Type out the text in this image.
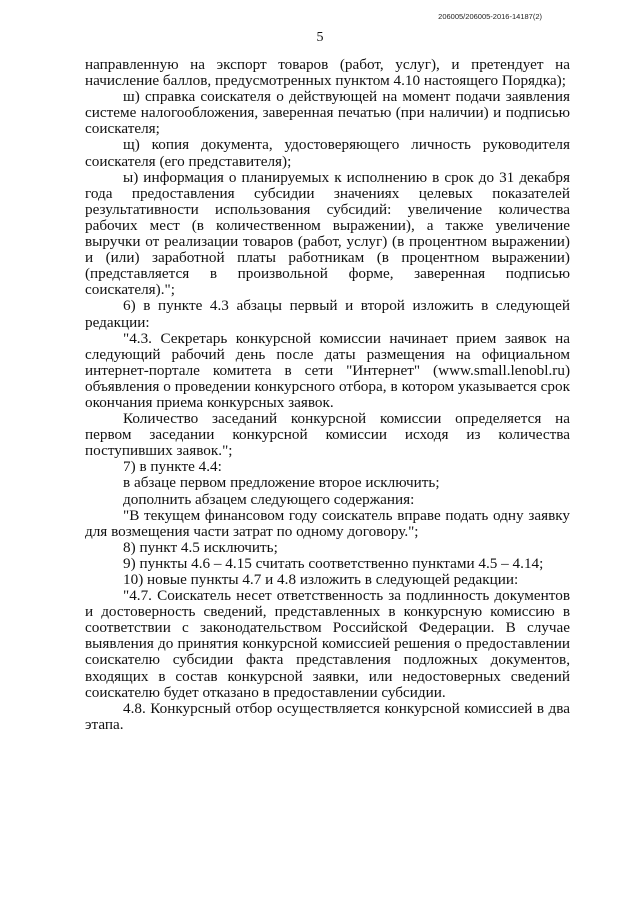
206005/206005-2016-14187(2)
5

направленную на экспорт товаров (работ, услуг), и претендует на начисление баллов, предусмотренных пунктом 4.10 настоящего Порядка);

ш) справка соискателя о действующей на момент подачи заявления системе налогообложения, заверенная печатью (при наличии) и подписью соискателя;

щ) копия документа, удостоверяющего личность руководителя соискателя (его представителя);

ы) информация о планируемых к исполнению в срок до 31 декабря года предоставления субсидии значениях целевых показателей результативности использования субсидий: увеличение количества рабочих мест (в количественном выражении), а также увеличение выручки от реализации товаров (работ, услуг) (в процентном выражении) и (или) заработной платы работникам (в процентном выражении) (представляется в произвольной форме, заверенная подписью соискателя).";

6) в пункте 4.3 абзацы первый и второй изложить в следующей редакции:

"4.3. Секретарь конкурсной комиссии начинает прием заявок на следующий рабочий день после даты размещения на официальном интернет-портале комитета в сети "Интернет" (www.small.lenobl.ru) объявления о проведении конкурсного отбора, в котором указывается срок окончания приема конкурсных заявок.

Количество заседаний конкурсной комиссии определяется на первом заседании конкурсной комиссии исходя из количества поступивших заявок.";

7) в пункте 4.4:

в абзаце первом предложение второе исключить;

дополнить абзацем следующего содержания:

"В текущем финансовом году соискатель вправе подать одну заявку для возмещения части затрат по одному договору.";

8) пункт 4.5 исключить;

9) пункты 4.6 – 4.15 считать соответственно пунктами 4.5 – 4.14;

10) новые пункты 4.7 и 4.8 изложить в следующей редакции:

"4.7. Соискатель несет ответственность за подлинность документов и достоверность сведений, представленных в конкурсную комиссию в соответствии с законодательством Российской Федерации. В случае выявления до принятия конкурсной комиссией решения о предоставлении соискателю субсидии факта представления подложных документов, входящих в состав конкурсной заявки, или недостоверных сведений соискателю будет отказано в предоставлении субсидии.

4.8. Конкурсный отбор осуществляется конкурсной комиссией в два этапа.
